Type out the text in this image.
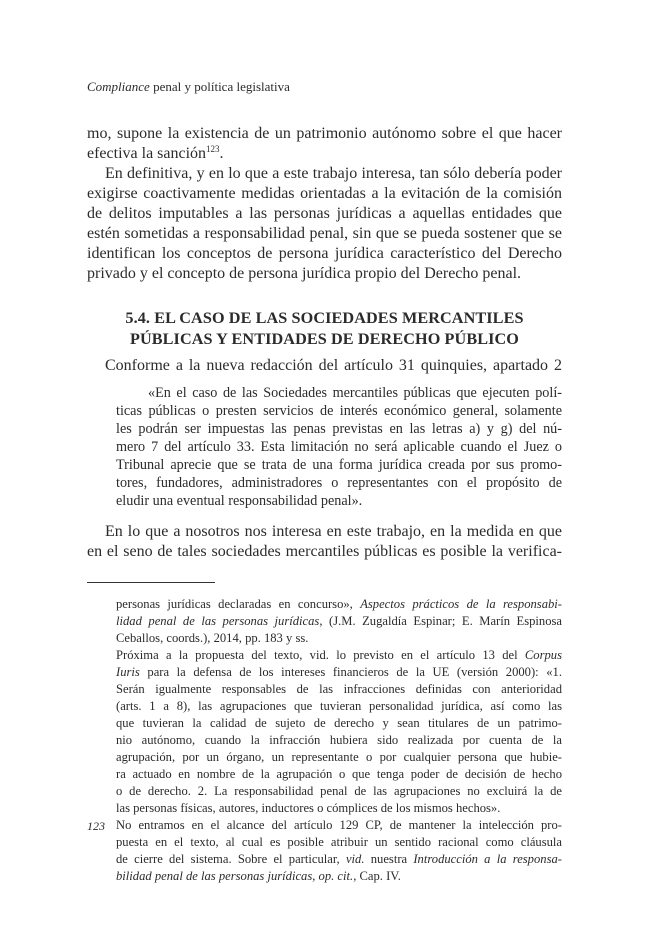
Compliance penal y política legislativa
mo, supone la existencia de un patrimonio autónomo sobre el que hacer
efectiva la sanción$^{123}$.
En definitiva, y en lo que a este trabajo interesa, tan sólo debería poder
exigirse coactivamente medidas orientadas a la evitación de la comisión
de delitos imputables a las personas jurídicas a aquellas entidades que
estén sometidas a responsabilidad penal, sin que se pueda sostener que se
identifican los conceptos de persona jurídica característico del Derecho
privado y el concepto de persona jurídica propio del Derecho penal.
5.4. EL CASO DE LAS SOCIEDADES MERCANTILES
PÚBLICAS Y ENTIDADES DE DERECHO PÚBLICO
Conforme a la nueva redacción del artículo 31 quinquies, apartado 2
«En el caso de las Sociedades mercantiles públicas que ejecuten polí-
ticas públicas o presten servicios de interés económico general, solamente
les podrán ser impuestas las penas previstas en las letras a) y g) del nú-
mero 7 del artículo 33. Esta limitación no será aplicable cuando el Juez o
Tribunal aprecie que se trata de una forma jurídica creada por sus promo-
tores, fundadores, administradores o representantes con el propósito de
eludir una eventual responsabilidad penal».
En lo que a nosotros nos interesa en este trabajo, en la medida en que
en el seno de tales sociedades mercantiles públicas es posible la verifica-
personas jurídicas declaradas en concurso», Aspectos prácticos de la responsabi-
lidad penal de las personas jurídicas, (J.M. Zugaldía Espinar; E. Marín Espinosa
Ceballos, coords.), 2014, pp. 183 y ss.
Próxima a la propuesta del texto, vid. lo previsto en el artículo 13 del Corpus
Iuris para la defensa de los intereses financieros de la UE (versión 2000): «1.
Serán igualmente responsables de las infracciones definidas con anterioridad
(arts. 1 a 8), las agrupaciones que tuvieran personalidad jurídica, así como las
que tuvieran la calidad de sujeto de derecho y sean titulares de un patrimo-
nio autónomo, cuando la infracción hubiera sido realizada por cuenta de la
agrupación, por un órgano, un representante o por cualquier persona que hubie-
ra actuado en nombre de la agrupación o que tenga poder de decisión de hecho
o de derecho. 2. La responsabilidad penal de las agrupaciones no excluirá la de
las personas físicas, autores, inductores o cómplices de los mismos hechos».
123 No entramos en el alcance del artículo 129 CP, de mantener la intelección pro-
puesta en el texto, al cual es posible atribuir un sentido racional como cláusula
de cierre del sistema. Sobre el particular, vid. nuestra Introducción a la responsa-
bilidad penal de las personas jurídicas, op. cit., Cap. IV.
